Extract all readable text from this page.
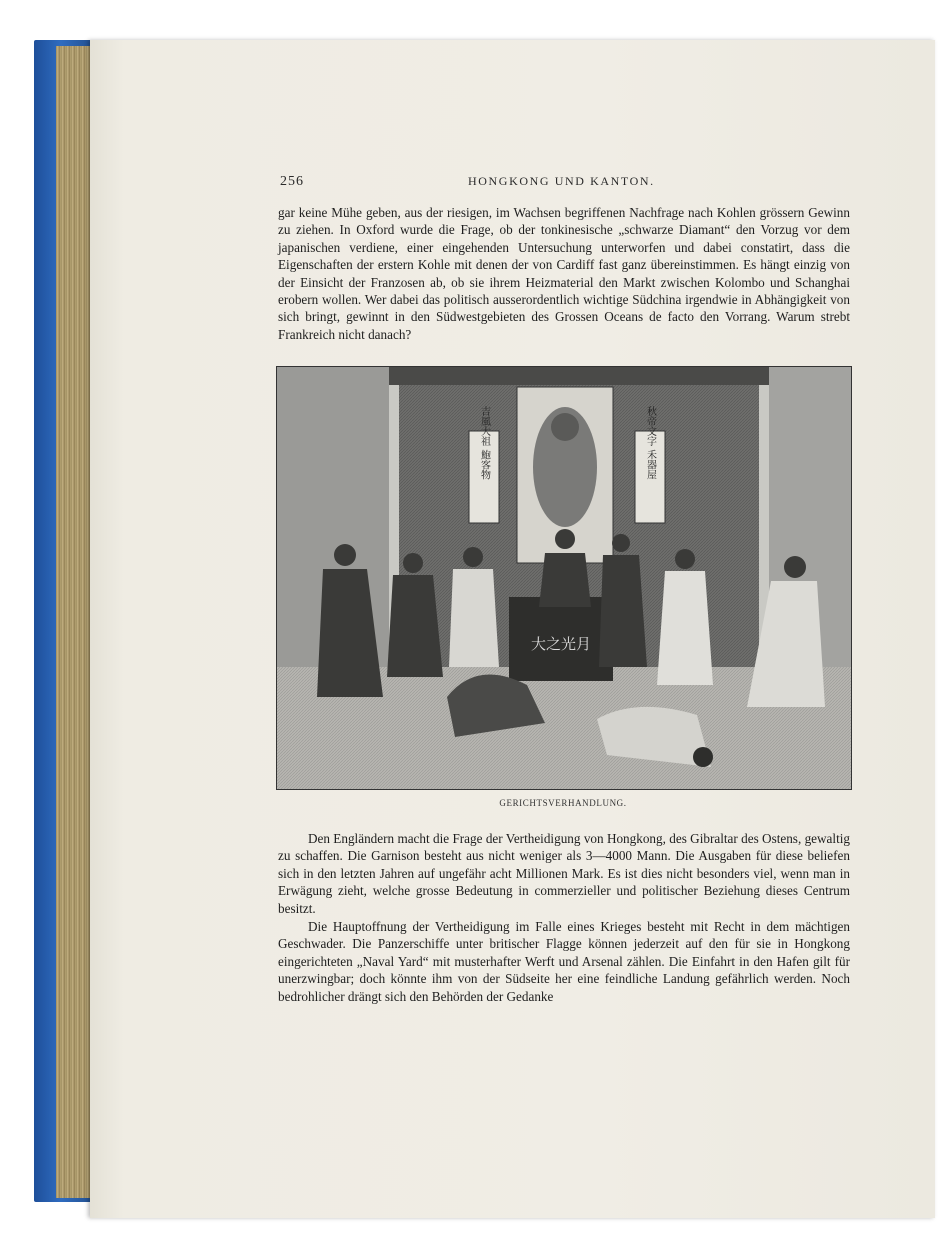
256	HONGKONG UND KANTON.

gar keine Mühe geben, aus der riesigen, im Wachsen begriffenen Nachfrage nach Kohlen grössern Gewinn zu ziehen. In Oxford wurde die Frage, ob der tonkinesische „schwarze Diamant“ den Vorzug vor dem japanischen verdiene, einer eingehenden Untersuchung unterworfen und dabei constatirt, dass die Eigenschaften der erstern Kohle mit denen der von Cardiff fast ganz übereinstimmen. Es hängt einzig von der Einsicht der Franzosen ab, ob sie ihrem Heizmaterial den Markt zwischen Kolombo und Schanghai erobern wollen. Wer dabei das politisch ausserordentlich wichtige Südchina irgendwie in Abhängigkeit von sich bringt, gewinnt in den Südwestgebieten des Grossen Oceans de facto den Vorrang. Warum strebt Frankreich nicht danach?

吉風大祖 鮑客物	秋帝文字 禾器屋
大之光月
GERICHTSVERHANDLUNG.

Den Engländern macht die Frage der Vertheidigung von Hongkong, des Gibraltar des Ostens, gewaltig zu schaffen. Die Garnison besteht aus nicht weniger als 3—4000 Mann. Die Ausgaben für diese beliefen sich in den letzten Jahren auf ungefähr acht Millionen Mark. Es ist dies nicht besonders viel, wenn man in Erwägung zieht, welche grosse Bedeutung in commerzieller und politischer Beziehung dieses Centrum besitzt.

Die Hauptoffnung der Vertheidigung im Falle eines Krieges besteht mit Recht in dem mächtigen Geschwader. Die Panzerschiffe unter britischer Flagge können jederzeit auf den für sie in Hongkong eingerichteten „Naval Yard“ mit musterhafter Werft und Arsenal zählen. Die Einfahrt in den Hafen gilt für unerzwingbar; doch könnte ihm von der Südseite her eine feindliche Landung gefährlich werden. Noch bedrohlicher drängt sich den Behörden der Gedanke
